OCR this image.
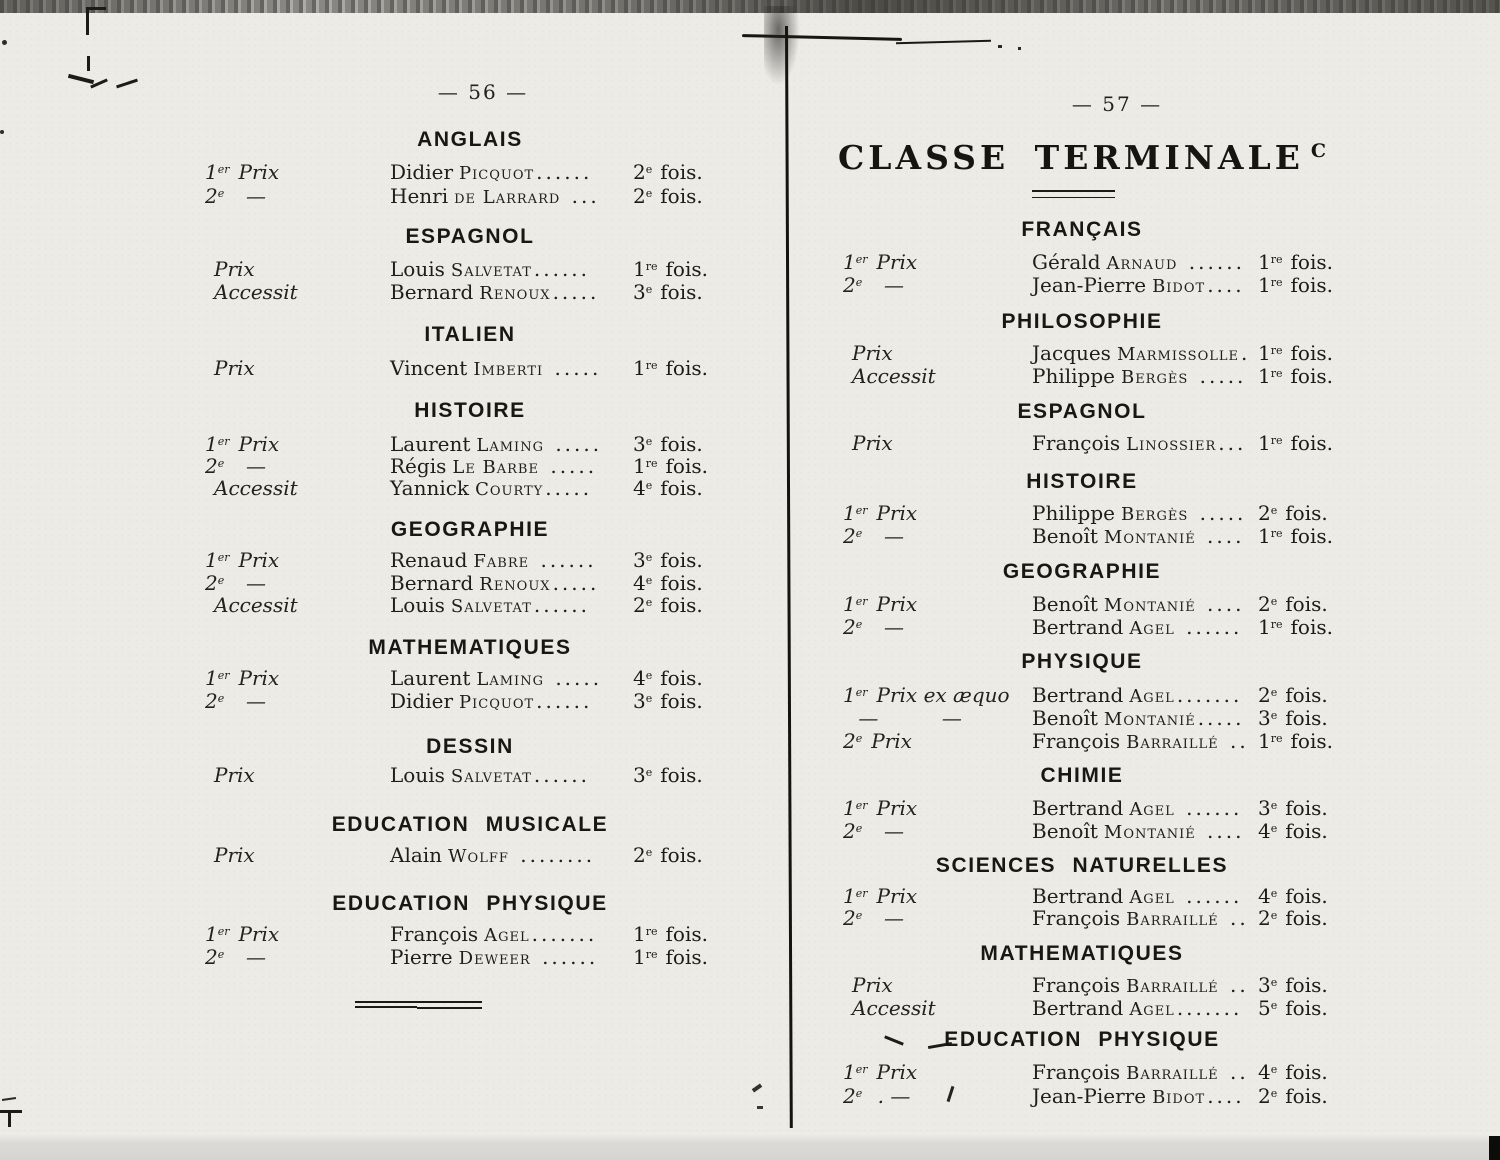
— 56 —
ANGLAIS
1er Prix	Didier Picquot ...... 2e fois.
2e  —	Henri de Larrard ... 2e fois.
ESPAGNOL
Prix	Louis Salvetat ...... 1re fois.
Accessit	Bernard Renoux ..... 3e fois.
ITALIEN
Prix	Vincent Imberti ..... 1re fois.
HISTOIRE
1er Prix	Laurent Laming ..... 3e fois.
2e  —	Régis Le Barbe ..... 1re fois.
Accessit	Yannick Courty ..... 4e fois.
GEOGRAPHIE
1er Prix	Renaud Fabre ...... 3e fois.
2e  —	Bernard Renoux ..... 4e fois.
Accessit	Louis Salvetat ...... 2e fois.
MATHEMATIQUES
1er Prix	Laurent Laming ..... 4e fois.
2e  —	Didier Picquot ...... 3e fois.
DESSIN
Prix	Louis Salvetat ...... 3e fois.
EDUCATION MUSICALE
Prix	Alain Wolff ........ 2e fois.
EDUCATION PHYSIQUE
1er Prix	François Agel ....... 1re fois.
2e  —	Pierre Deweer ...... 1re fois.
— 57 —
CLASSE TERMINALE C
FRANÇAIS
1er Prix	Gérald Arnaud ...... 1re fois.
2e  —	Jean-Pierre Bidot .... 1re fois.
PHILOSOPHIE
Prix	Jacques Marmissolle . 1re fois.
Accessit	Philippe Bergès ..... 1re fois.
ESPAGNOL
Prix	François Linossier ... 1re fois.
HISTOIRE
1er Prix	Philippe Bergès ..... 2e fois.
2e  —	Benoît Montanié .... 1re fois.
GEOGRAPHIE
1er Prix	Benoît Montanié .... 2e fois.
2e  —	Bertrand Agel ...... 1re fois.
PHYSIQUE
1er Prix ex æquo Bertrand Agel ....... 2e fois.
—          —	Benoît Montanié ..... 3e fois.
2e Prix	François Barraillé .. 1re fois.
CHIMIE
1er Prix	Bertrand Agel ...... 3e fois.
2e  —	Benoît Montanié .... 4e fois.
SCIENCES NATURELLES
1er Prix	Bertrand Agel ...... 4e fois.
2e  —	François Barraillé .. 2e fois.
MATHEMATIQUES
Prix	François Barraillé .. 3e fois.
Accessit	Bertrand Agel ....... 5e fois.
EDUCATION PHYSIQUE
1er Prix	François Barraillé .. 4e fois.
2e . —	Jean-Pierre Bidot .... 2e fois.
